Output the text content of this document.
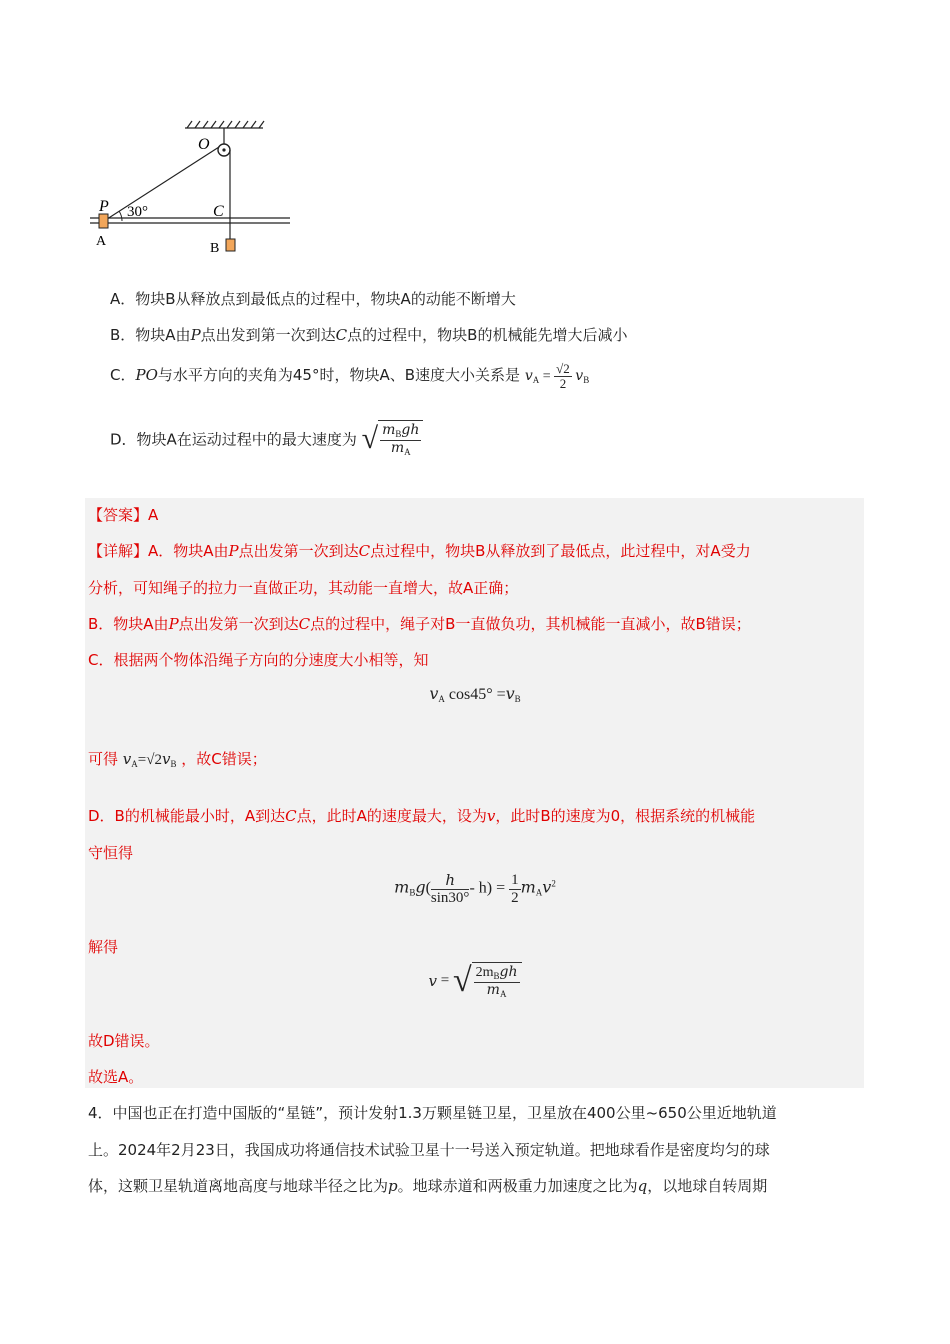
O
P 30°	C
A	B
A．物块B从释放点到最低点的过程中，物块A的动能不断增大
B．物块A由P点出发到第一次到达C点的过程中，物块B的机械能先增大后减小
C．PO与水平方向的夹角为45°时，物块A、B速度大小关系是 $v_A = \frac{√2}{2} v_B$
D．物块A在运动过程中的最大速度为 √ $\frac{m_Bgh}{m_A}$
【答案】A
【详解】A．物块A由P点出发第一次到达C点过程中，物块B从释放到了最低点，此过程中，对A受力
分析，可知绳子的拉力一直做正功，其动能一直增大，故A正确；
B．物块A由P点出发第一次到达C点的过程中，绳子对B一直做负功，其机械能一直减小，故B错误；
C．根据两个物体沿绳子方向的分速度大小相等，知
$v_A$ $\cos 45^\circ =v_B$
可得 $v_A=√2v_B$ ，故C错误；
D．B的机械能最小时，A到达C点，此时A的速度最大，设为v，此时B的速度为0，根据系统的机械能
守恒得
$m_Bg( \frac{h}{\sin 30^\circ} - h) = \frac{1}{2} m_Av^2$
解得
v = √ $\frac{2m_Bgh}{m_A}$
故D错误。
故选A。
4．中国也正在打造中国版的“星链”，预计发射1.3万颗星链卫星，卫星放在400公里~650公里近地轨道
上。2024年2月23日，我国成功将通信技术试验卫星十一号送入预定轨道。把地球看作是密度均匀的球
体，这颗卫星轨道离地高度与地球半径之比为p。地球赤道和两极重力加速度之比为q，以地球自转周期
